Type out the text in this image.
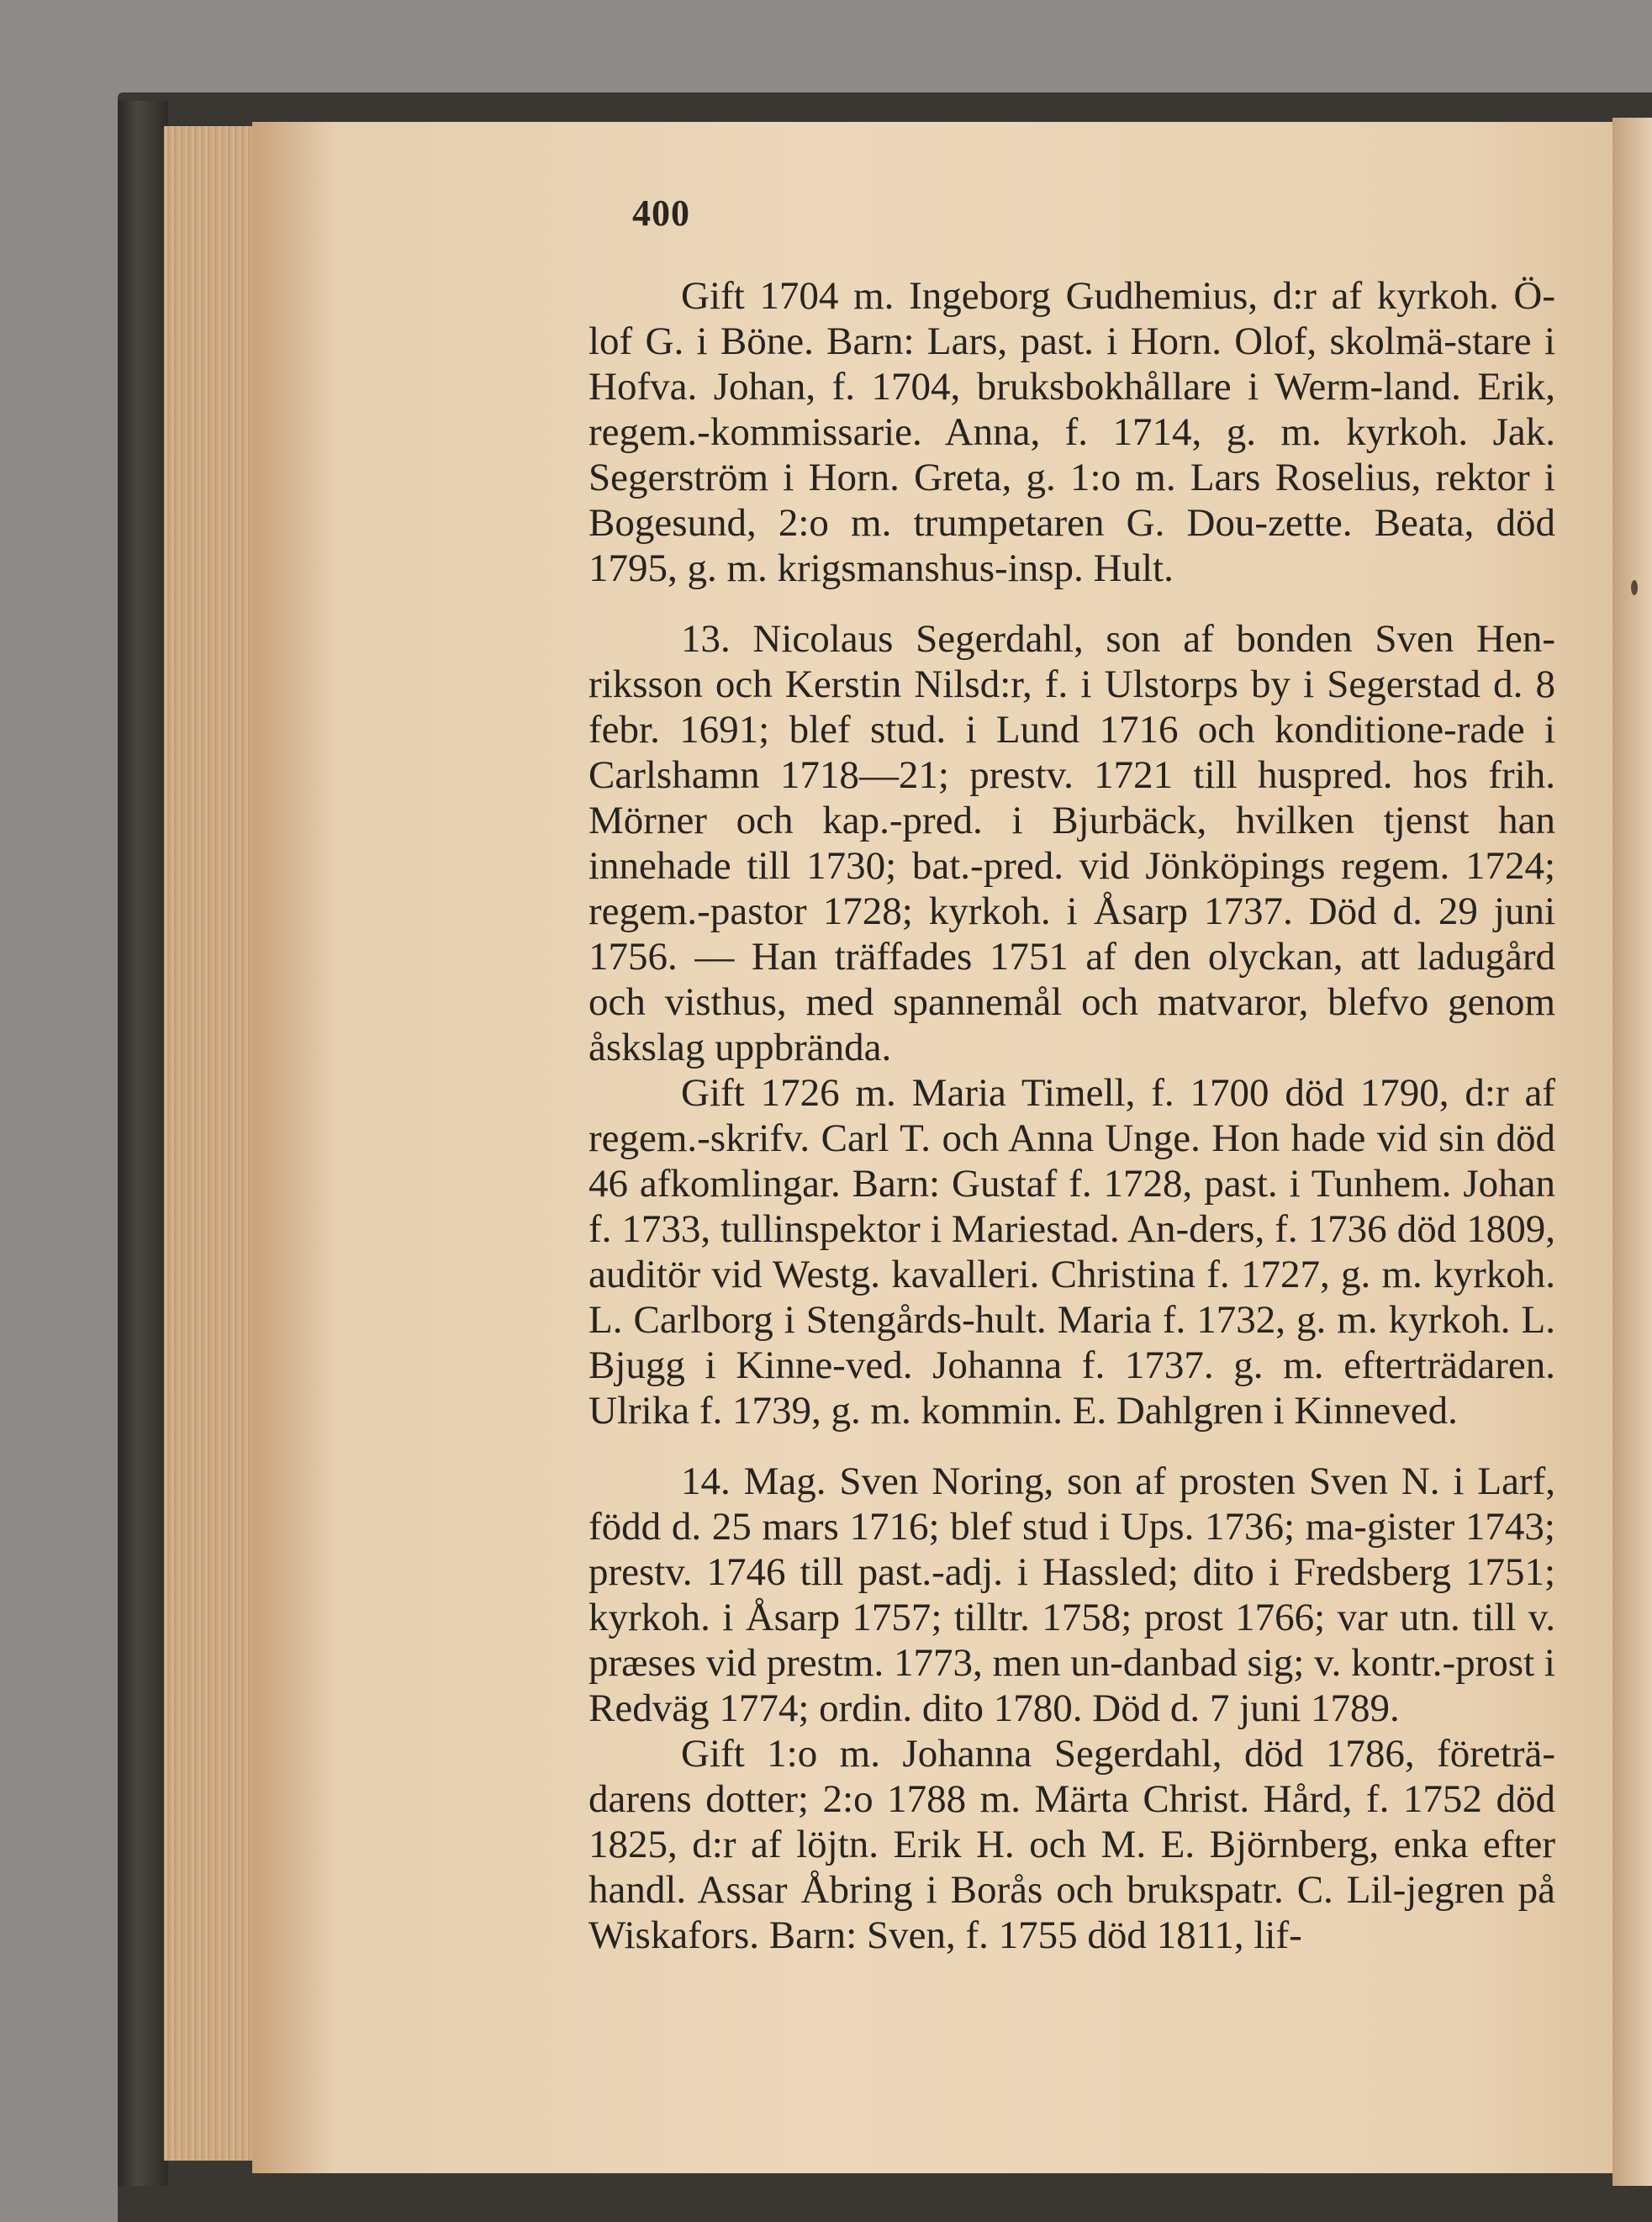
400

Gift 1704 m. Ingeborg Gudhemius, d:r af kyrkoh. Ö-lof G. i Böne. Barn: Lars, past. i Horn. Olof, skolmä-stare i Hofva. Johan, f. 1704, bruksbokhållare i Werm-land. Erik, regem.-kommissarie. Anna, f. 1714, g. m. kyrkoh. Jak. Segerström i Horn. Greta, g. 1:o m. Lars Roselius, rektor i Bogesund, 2:o m. trumpetaren G. Dou-zette. Beata, död 1795, g. m. krigsmanshus-insp. Hult.

13. Nicolaus Segerdahl, son af bonden Sven Hen-riksson och Kerstin Nilsd:r, f. i Ulstorps by i Segerstad d. 8 febr. 1691; blef stud. i Lund 1716 och konditione-rade i Carlshamn 1718—21; prestv. 1721 till huspred. hos frih. Mörner och kap.-pred. i Bjurbäck, hvilken tjenst han innehade till 1730; bat.-pred. vid Jönköpings regem. 1724; regem.-pastor 1728; kyrkoh. i Åsarp 1737. Död d. 29 juni 1756. — Han träffades 1751 af den olyckan, att ladugård och visthus, med spannemål och matvaror, blefvo genom åskslag uppbrända.

Gift 1726 m. Maria Timell, f. 1700 död 1790, d:r af regem.-skrifv. Carl T. och Anna Unge. Hon hade vid sin död 46 afkomlingar. Barn: Gustaf f. 1728, past. i Tunhem. Johan f. 1733, tullinspektor i Mariestad. An-ders, f. 1736 död 1809, auditör vid Westg. kavalleri. Christina f. 1727, g. m. kyrkoh. L. Carlborg i Stengårds-hult. Maria f. 1732, g. m. kyrkoh. L. Bjugg i Kinne-ved. Johanna f. 1737. g. m. efterträdaren. Ulrika f. 1739, g. m. kommin. E. Dahlgren i Kinneved.

14. Mag. Sven Noring, son af prosten Sven N. i Larf, född d. 25 mars 1716; blef stud i Ups. 1736; ma-gister 1743; prestv. 1746 till past.-adj. i Hassled; dito i Fredsberg 1751; kyrkoh. i Åsarp 1757; tilltr. 1758; prost 1766; var utn. till v. præses vid prestm. 1773, men un-danbad sig; v. kontr.-prost i Redväg 1774; ordin. dito 1780. Död d. 7 juni 1789.

Gift 1:o m. Johanna Segerdahl, död 1786, företrä-darens dotter; 2:o 1788 m. Märta Christ. Hård, f. 1752 död 1825, d:r af löjtn. Erik H. och M. E. Björnberg, enka efter handl. Assar Åbring i Borås och brukspatr. C. Lil-jegren på Wiskafors. Barn: Sven, f. 1755 död 1811, lif-
